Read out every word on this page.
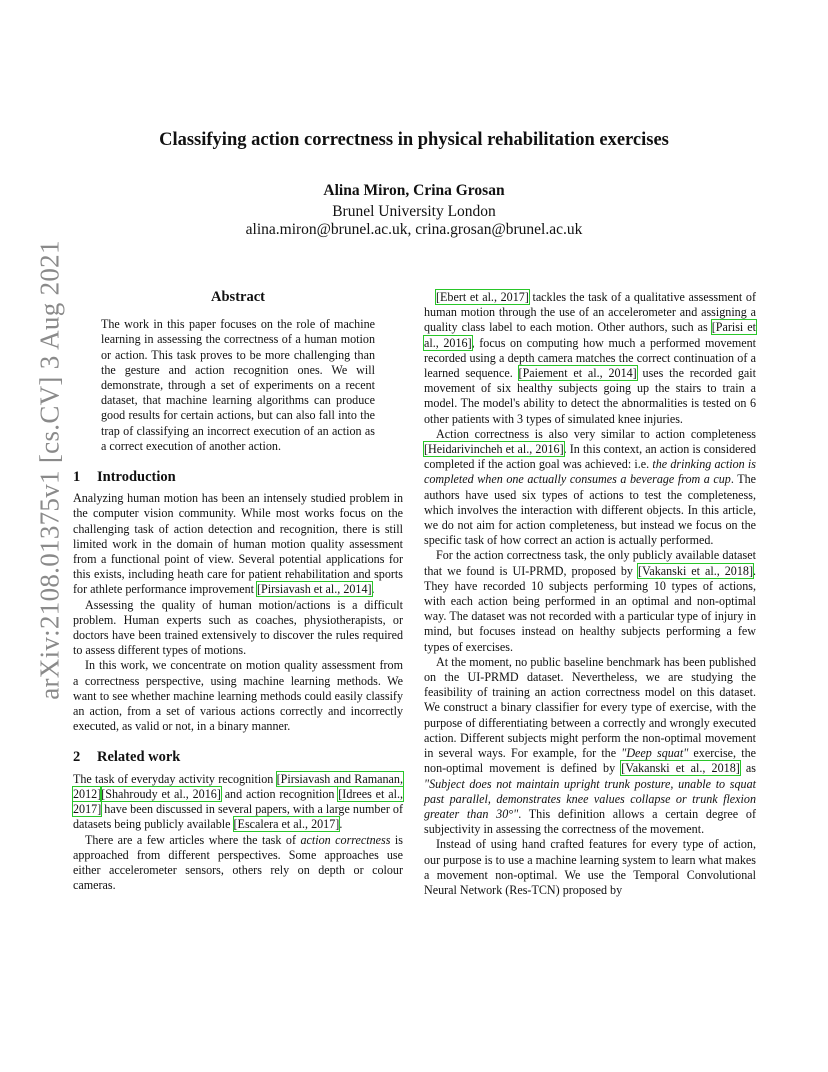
arXiv:2108.01375v1 [cs.CV] 3 Aug 2021
Classifying action correctness in physical rehabilitation exercises
Alina Miron, Crina Grosan
Brunel University London
alina.miron@brunel.ac.uk, crina.grosan@brunel.ac.uk
Abstract
The work in this paper focuses on the role of machine learning in assessing the correctness of a human motion or action. This task proves to be more challenging than the gesture and action recognition ones. We will demonstrate, through a set of experiments on a recent dataset, that machine learning algorithms can produce good results for certain actions, but can also fall into the trap of classifying an incorrect execution of an action as a correct execution of another action.
1 Introduction

Analyzing human motion has been an intensely studied problem in the computer vision community. While most works focus on the challenging task of action detection and recognition, there is still limited work in the domain of human motion quality assessment from a functional point of view. Several potential applications for this exists, including heath care for patient rehabilitation and sports for athlete performance improvement [Pirsiavash et al., 2014].

Assessing the quality of human motion/actions is a difficult problem. Human experts such as coaches, physiotherapists, or doctors have been trained extensively to discover the rules required to assess different types of motions.

In this work, we concentrate on motion quality assessment from a correctness perspective, using machine learning methods. We want to see whether machine learning methods could easily classify an action, from a set of various actions correctly and incorrectly executed, as valid or not, in a binary manner.

2 Related work

The task of everyday activity recognition [Pirsiavash and Ramanan, 2012][Shahroudy et al., 2016] and action recognition [Idrees et al., 2017] have been discussed in several papers, with a large number of datasets being publicly available [Escalera et al., 2017].

There are a few articles where the task of action correctness is approached from different perspectives. Some approaches use either accelerometer sensors, others rely on depth or colour cameras.

[Ebert et al., 2017] tackles the task of a qualitative assessment of human motion through the use of an accelerometer and assigning a quality class label to each motion. Other authors, such as [Parisi et al., 2016], focus on computing how much a performed movement recorded using a depth camera matches the correct continuation of a learned sequence. [Paiement et al., 2014] uses the recorded gait movement of six healthy subjects going up the stairs to train a model. The model's ability to detect the abnormalities is tested on 6 other patients with 3 types of simulated knee injuries.

Action correctness is also very similar to action completeness [Heidarivincheh et al., 2016]. In this context, an action is considered completed if the action goal was achieved: i.e. the drinking action is completed when one actually consumes a beverage from a cup. The authors have used six types of actions to test the completeness, which involves the interaction with different objects. In this article, we do not aim for action completeness, but instead we focus on the specific task of how correct an action is actually performed.

For the action correctness task, the only publicly available dataset that we found is UI-PRMD, proposed by [Vakanski et al., 2018]. They have recorded 10 subjects performing 10 types of actions, with each action being performed in an optimal and non-optimal way. The dataset was not recorded with a particular type of injury in mind, but focuses instead on healthy subjects performing a few types of exercises.

At the moment, no public baseline benchmark has been published on the UI-PRMD dataset. Nevertheless, we are studying the feasibility of training an action correctness model on this dataset. We construct a binary classifier for every type of exercise, with the purpose of differentiating between a correctly and wrongly executed action. Different subjects might perform the non-optimal movement in several ways. For example, for the "Deep squat" exercise, the non-optimal movement is defined by [Vakanski et al., 2018] as "Subject does not maintain upright trunk posture, unable to squat past parallel, demonstrates knee values collapse or trunk flexion greater than 30°". This definition allows a certain degree of subjectivity in assessing the correctness of the movement.

Instead of using hand crafted features for every type of action, our purpose is to use a machine learning system to learn what makes a movement non-optimal. We use the Temporal Convolutional Neural Network (Res-TCN) proposed by
